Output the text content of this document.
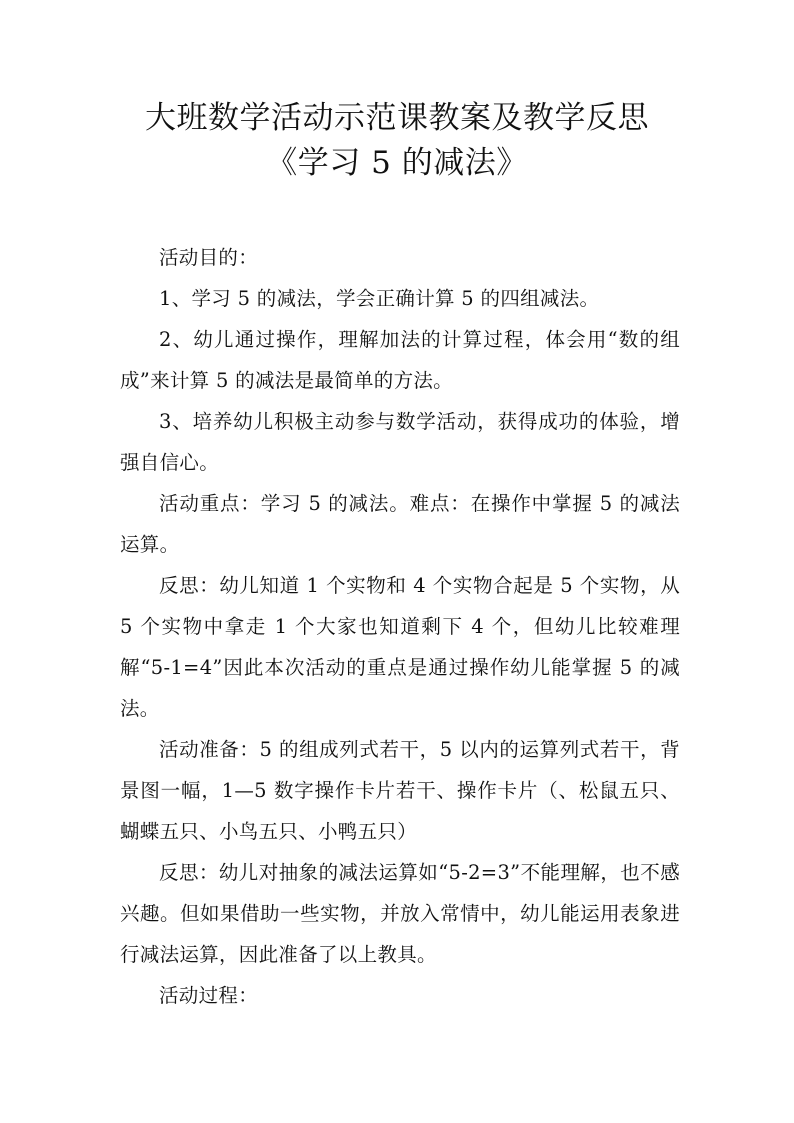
大班数学活动示范课教案及教学反思
《学习 5 的减法》

活动目的：

1、学习 5 的减法，学会正确计算 5 的四组减法。

2、幼儿通过操作，理解加法的计算过程，体会用“数的组成”来计算 5 的减法是最简单的方法。

3、培养幼儿积极主动参与数学活动，获得成功的体验，增强自信心。

活动重点：学习 5 的减法。难点：在操作中掌握 5 的减法运算。

反思：幼儿知道 1 个实物和 4 个实物合起是 5 个实物，从 5 个实物中拿走 1 个大家也知道剩下 4 个，但幼儿比较难理解“5-1=4”因此本次活动的重点是通过操作幼儿能掌握 5 的减法。

活动准备：5 的组成列式若干，5 以内的运算列式若干，背景图一幅，1—5 数字操作卡片若干、操作卡片（、松鼠五只、蝴蝶五只、小鸟五只、小鸭五只）

反思：幼儿对抽象的减法运算如“5-2=3”不能理解，也不感兴趣。但如果借助一些实物，并放入常情中，幼儿能运用表象进行减法运算，因此准备了以上教具。

活动过程：
